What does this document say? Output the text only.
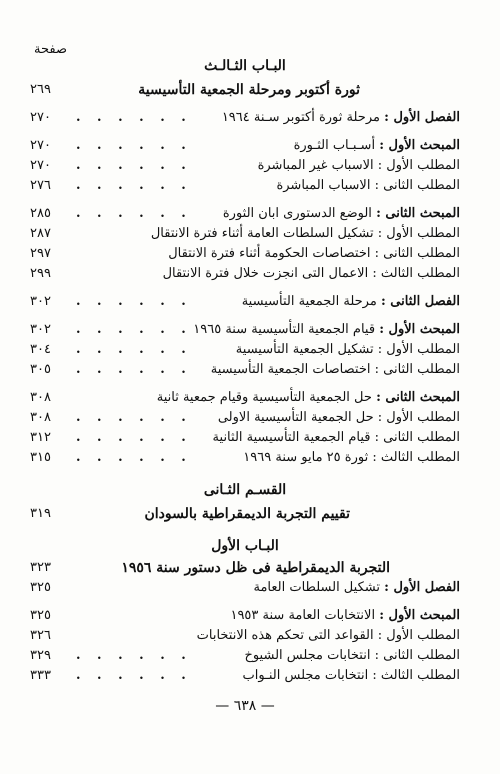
صفحة
البـاب الثـالـث
ثورة أكتوبر ومرحلة الجمعية التأسيسية
٢٦٩
الفصل الأول : مرحلة ثورة أكتوبر سـنة ١٩٦٤
. . . . . .
٢٧٠
المبحث الأول : أسـبـاب الثـورة
. . . . . .
٢٧٠
المطلب الأول : الاسباب غير المباشرة
. . . . . .
٢٧٠
المطلب الثانى : الاسباب المباشرة
. . . . . .
٢٧٦
المبحث الثانى : الوضع الدستورى ابان الثورة
. . . . . .
٢٨٥
المطلب الأول : تشكيل السلطات العامة أثناء فترة الانتقال
٢٨٧
المطلب الثانى : اختصاصات الحكومة أثناء فترة الانتقال
٢٩٧
المطلب الثالث : الاعمال التى انجزت خلال فترة الانتقال
٢٩٩
الفصل الثانى : مرحلة الجمعية التأسيسية
. . . . . .
٣٠٢
المبحث الأول : قيام الجمعية التأسيسية سنة ١٩٦٥
. . . . . .
٣٠٢
المطلب الأول : تشكيل الجمعية التأسيسية
. . . . . .
٣٠٤
المطلب الثانى : اختصاصات الجمعية التأسيسية
. . . . . .
٣٠٥
المبحث الثانى : حل الجمعية التأسيسية وقيام جمعية ثانية
٣٠٨
المطلب الأول : حل الجمعية التأسيسية الاولى
. . . . . .
٣٠٨
المطلب الثانى : قيام الجمعية التأسيسية الثانية
. . . . . .
٣١٢
المطلب الثالث : ثورة ٢٥ مايو سنة ١٩٦٩
. . . . . .
٣١٥
القسـم الثـانى
تقييم التجربة الديمقراطية بالسودان
٣١٩
البـاب الأول
التجربة الديمقراطية فى ظل دستور سنة ١٩٥٦
٣٢٣
الفصل الأول : تشكيل السلطات العامة
٣٢٥
المبحث الأول : الانتخابات العامة سنة ١٩٥٣
٣٢٥
المطلب الأول : القواعد التى تحكم هذه الانتخابات
٣٢٦
المطلب الثانى : انتخابات مجلس الشيوخ
. . . . . .
٣٢٩
المطلب الثالث : انتخابات مجلس النـواب
. . . . . .
٣٣٣
— ٦٣٨ —
